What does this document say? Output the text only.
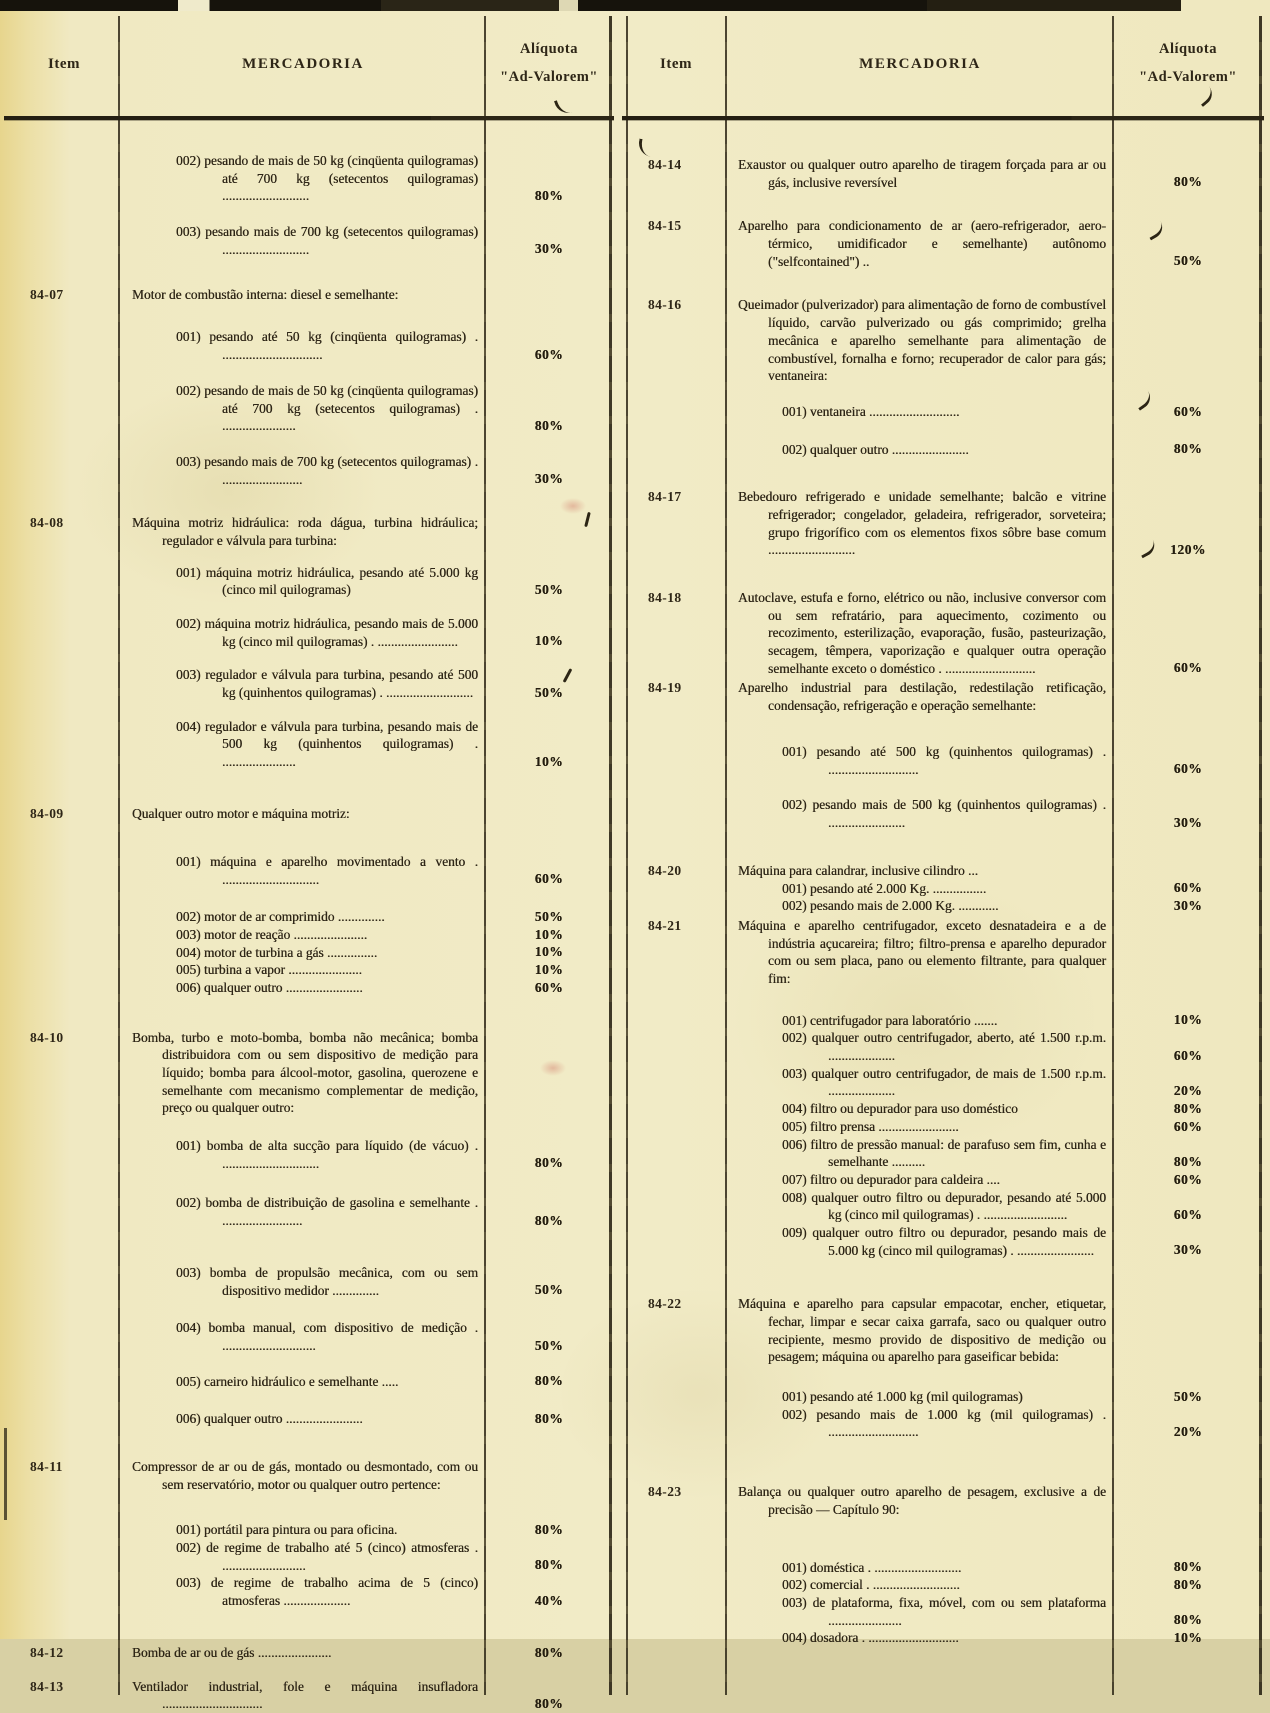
Item	MERCADORIA
Alíquota
"Ad-Valorem"
002) pesando de mais de 50 kg (cinqüenta quilogramas) até 700 kg (setecentos quilogramas) ..........................	80%
003) pesando mais de 700 kg (setecentos quilogramas) ..........................	30%
84-07	Motor de combustão interna: diesel e semelhante:
001) pesando até 50 kg (cinqüenta quilogramas) . ..............................	60%
002) pesando de mais de 50 kg (cinqüenta quilogramas) até 700 kg (setecentos quilogramas) . ......................	80%
003) pesando mais de 700 kg (setecentos quilogramas) . ........................	30%
84-08	Máquina motriz hidráulica: roda dágua, turbina hidráulica; regulador e válvula para turbina:
001) máquina motriz hidráulica, pesando até 5.000 kg (cinco mil quilogramas)	50%
002) máquina motriz hidráulica, pesando mais de 5.000 kg (cinco mil quilogramas) . ........................	10%
003) regulador e válvula para turbina, pesando até 500 kg (quinhentos quilogramas) . ..........................	50%
004) regulador e válvula para turbina, pesando mais de 500 kg (quinhentos quilogramas) . ......................	10%
84-09	Qualquer outro motor e máquina motriz:
001) máquina e aparelho movimentado a vento . .............................	60%
002) motor de ar comprimido ..............	50%
003) motor de reação ......................	10%
004) motor de turbina a gás ...............	10%
005) turbina a vapor ......................	10%
006) qualquer outro .......................	60%
84-10	Bomba, turbo e moto-bomba, bomba não mecânica; bomba distribuidora com ou sem dispositivo de medição para líquido; bomba para álcool-motor, gasolina, querozene e semelhante com mecanismo complementar de medição, preço ou qualquer outro:
001) bomba de alta sucção para líquido (de vácuo) . .............................	80%
002) bomba de distribuição de gasolina e semelhante . ........................	80%
003) bomba de propulsão mecânica, com ou sem dispositivo medidor ..............	50%
004) bomba manual, com dispositivo de medição . ............................	50%
005) carneiro hidráulico e semelhante .....	80%
006) qualquer outro .......................	80%
84-11	Compressor de ar ou de gás, montado ou desmontado, com ou sem reservatório, motor ou qualquer outro pertence:
001) portátil para pintura ou para oficina.	80%
002) de regime de trabalho até 5 (cinco) atmosferas . .........................	80%
003) de regime de trabalho acima de 5 (cinco) atmosferas ....................	40%
84-12	Bomba de ar ou de gás ......................	80%
84-13	Ventilador industrial, fole e máquina insufladora ..............................	80%
Item	MERCADORIA
Alíquota
"Ad-Valorem"
84-14	Exaustor ou qualquer outro aparelho de tiragem forçada para ar ou gás, inclusive reversível	80%
84-15	Aparelho para condicionamento de ar (aero-refrigerador, aero-térmico, umidificador e semelhante) autônomo ("selfcontained") ..	50%
84-16	Queimador (pulverizador) para alimentação de forno de combustível líquido, carvão pulverizado ou gás comprimido; grelha mecânica e aparelho semelhante para alimentação de combustível, fornalha e forno; recuperador de calor para gás; ventaneira:
001) ventaneira ...........................	60%
002) qualquer outro .......................	80%
84-17	Bebedouro refrigerado e unidade semelhante; balcão e vitrine refrigerador; congelador, geladeira, refrigerador, sorveteira; grupo frigorífico com os elementos fixos sôbre base comum ..........................	120%
84-18	Autoclave, estufa e forno, elétrico ou não, inclusive conversor com ou sem refratário, para aquecimento, cozimento ou recozimento, esterilização, evaporação, fusão, pasteurização, secagem, têmpera, vaporização e qualquer outra operação semelhante exceto o doméstico . ...........................	60%
84-19	Aparelho industrial para destilação, redestilação retificação, condensação, refrigeração e operação semelhante:
001) pesando até 500 kg (quinhentos quilogramas) . ...........................	60%
002) pesando mais de 500 kg (quinhentos quilogramas) . .......................	30%
84-20	Máquina para calandrar, inclusive cilindro ...
001) pesando até 2.000 Kg. ................	60%
002) pesando mais de 2.000 Kg. ............	30%
84-21	Máquina e aparelho centrifugador, exceto desnatadeira e a de indústria açucareira; filtro; filtro-prensa e aparelho depurador com ou sem placa, pano ou elemento filtrante, para qualquer fim:
001) centrifugador para laboratório .......	10%
002) qualquer outro centrifugador, aberto, até 1.500 r.p.m. ....................	60%
003) qualquer outro centrifugador, de mais de 1.500 r.p.m. ....................	20%
004) filtro ou depurador para uso doméstico	80%
005) filtro prensa ........................	60%
006) filtro de pressão manual: de parafuso sem fim, cunha e semelhante ..........	80%
007) filtro ou depurador para caldeira ....	60%
008) qualquer outro filtro ou depurador, pesando até 5.000 kg (cinco mil quilogramas) . .........................	60%
009) qualquer outro filtro ou depurador, pesando mais de 5.000 kg (cinco mil quilogramas) . .......................	30%
84-22	Máquina e aparelho para capsular empacotar, encher, etiquetar, fechar, limpar e secar caixa garrafa, saco ou qualquer outro recipiente, mesmo provido de dispositivo de medição ou pesagem; máquina ou aparelho para gaseificar bebida:
001) pesando até 1.000 kg (mil quilogramas)	50%
002) pesando mais de 1.000 kg (mil quilogramas) . ...........................	20%
84-23	Balança ou qualquer outro aparelho de pesagem, exclusive a de precisão — Capítulo 90:
001) doméstica . ..........................	80%
002) comercial . ..........................	80%
003) de plataforma, fixa, móvel, com ou sem plataforma ......................	80%
004) dosadora . ...........................	10%
